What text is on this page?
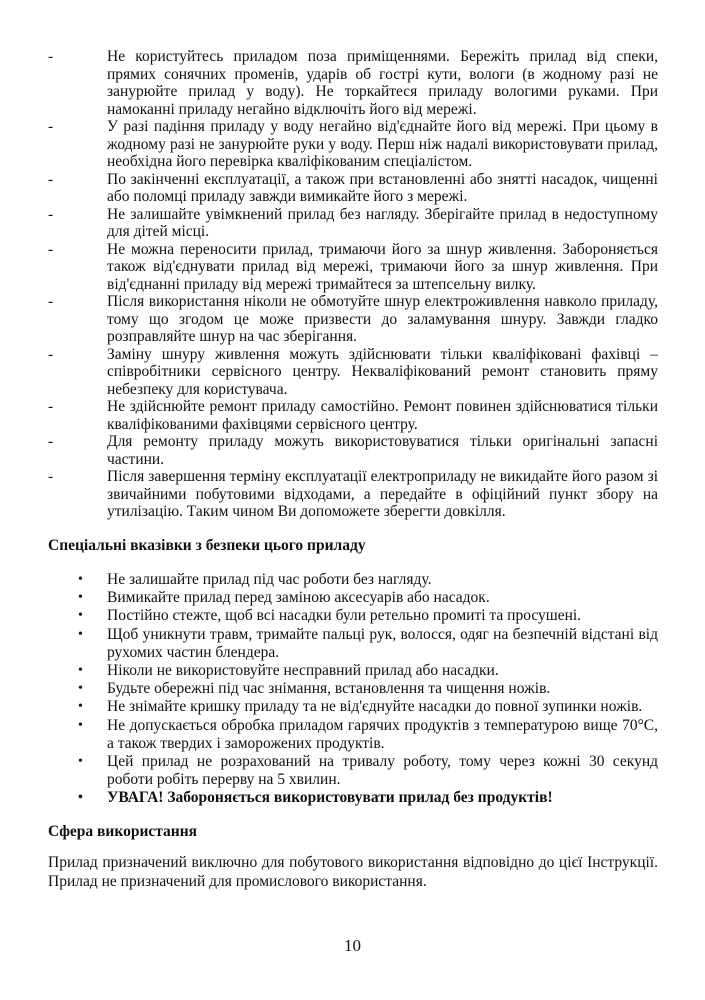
-	Не користуйтесь приладом поза приміщеннями. Бережіть прилад від спеки, прямих сонячних променів, ударів об гострі кути, вологи (в жодному разі не занурюйте прилад у воду). Не торкайтеся приладу вологими руками. При намоканні приладу негайно відключіть його від мережі.
-	У разі падіння приладу у воду негайно від'єднайте його від мережі. При цьому в жодному разі не занурюйте руки у воду. Перш ніж надалі використовувати прилад, необхідна його перевірка кваліфікованим спеціалістом.
-	По закінченні експлуатації, а також при встановленні або знятті насадок, чищенні або поломці приладу завжди вимикайте його з мережі.
-	Не залишайте увімкнений прилад без нагляду. Зберігайте прилад в недоступному для дітей місці.
-	Не можна переносити прилад, тримаючи його за шнур живлення. Забороняється також від'єднувати прилад від мережі, тримаючи його за шнур живлення. При від'єднанні приладу від мережі тримайтеся за штепсельну вилку.
-	Після використання ніколи не обмотуйте шнур електроживлення навколо приладу, тому що згодом це може призвести до заламування шнуру. Завжди гладко розправляйте шнур на час зберігання.
-	Заміну шнуру живлення можуть здійснювати тільки кваліфіковані фахівці – співробітники сервісного центру. Некваліфікований ремонт становить пряму небезпеку для користувача.
-	Не здійснюйте ремонт приладу самостійно. Ремонт повинен здійснюватися тільки кваліфікованими фахівцями сервісного центру.
-	Для ремонту приладу можуть використовуватися тільки оригінальні запасні частини.
-	Після завершення терміну експлуатації електроприладу не викидайте його разом зі звичайними побутовими відходами, а передайте в офіційний пункт збору на утилізацію. Таким чином Ви допоможете зберегти довкілля.
Спеціальні вказівки з безпеки цього приладу
•	Не залишайте прилад під час роботи без нагляду.
•	Вимикайте прилад перед заміною аксесуарів або насадок.
•	Постійно стежте, щоб всі насадки були ретельно промиті та просушені.
•	Щоб уникнути травм, тримайте пальці рук, волосся, одяг на безпечній відстані від рухомих частин блендера.
•	Ніколи не використовуйте несправний прилад або насадки.
•	Будьте обережні під час знімання, встановлення та чищення ножів.
•	Не знімайте кришку приладу та не від'єднуйте насадки до повної зупинки ножів.
•	Не допускається обробка приладом гарячих продуктів з температурою вище 70°C, а також твердих і заморожених продуктів.
•	Цей прилад не розрахований на тривалу роботу, тому через кожні 30 секунд роботи робіть перерву на 5 хвилин.
•	УВАГА! Забороняється використовувати прилад без продуктів!
Сфера використання
Прилад призначений виключно для побутового використання відповідно до цієї Інструкції. Прилад не призначений для промислового використання.
10
